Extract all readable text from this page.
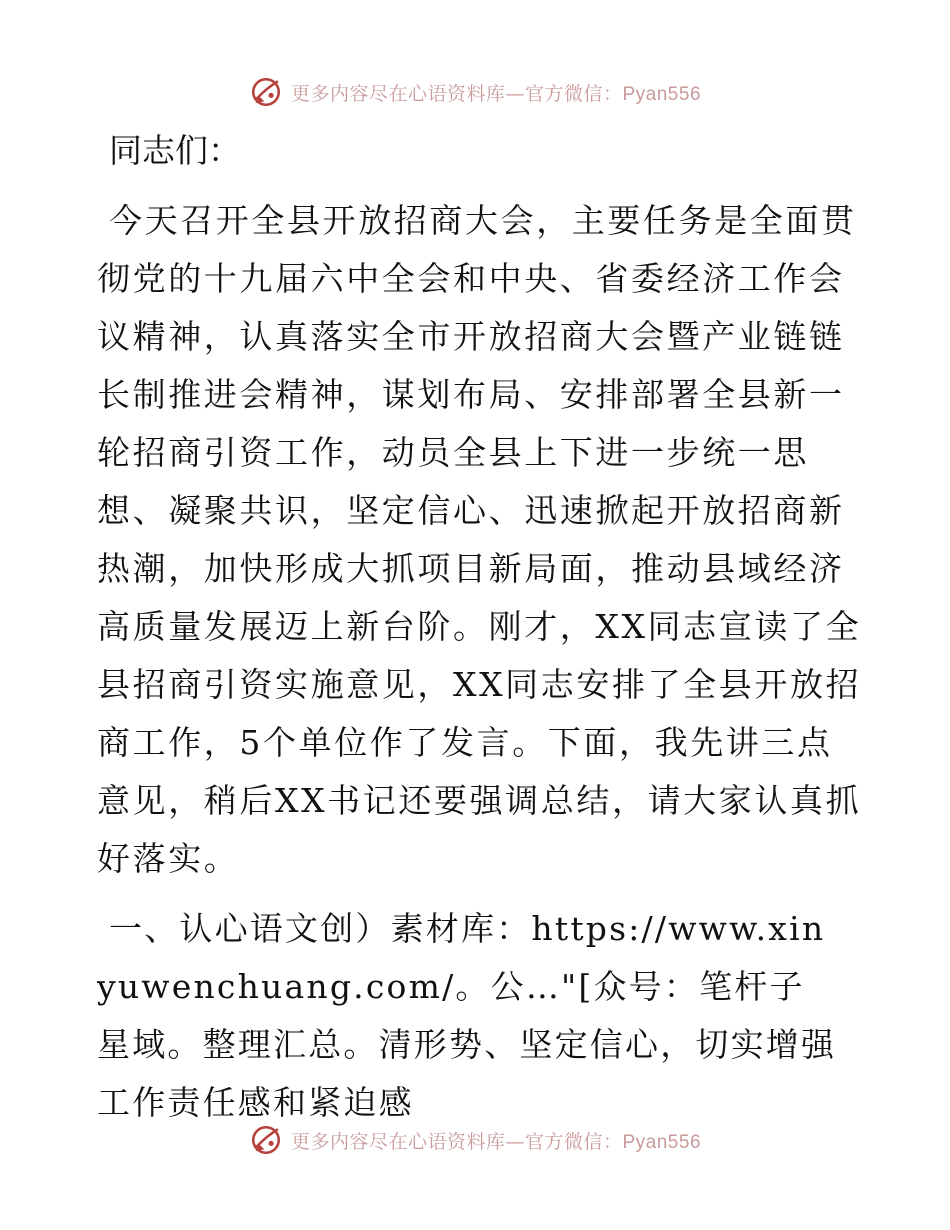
更多内容尽在心语资料库—官方微信：Pyan556
同志们：

今天召开全县开放招商大会，主要任务是全面贯彻党的十九届六中全会和中央、省委经济工作会议精神，认真落实全市开放招商大会暨产业链链长制推进会精神，谋划布局、安排部署全县新一轮招商引资工作，动员全县上下进一步统一思想、凝聚共识，坚定信心、迅速掀起开放招商新热潮，加快形成大抓项目新局面，推动县域经济高质量发展迈上新台阶。刚才，XX同志宣读了全县招商引资实施意见，XX同志安排了全县开放招商工作，5个单位作了发言。下面，我先讲三点意见，稍后XX书记还要强调总结，请大家认真抓好落实。

一、认心语文创）素材库：https://www.xinyuwenchuang.com/。公…"[众号：笔杆子星域。整理汇总。清形势、坚定信心，切实增强工作责任感和紧迫感

更多内容尽在心语资料库—官方微信：Pyan556
